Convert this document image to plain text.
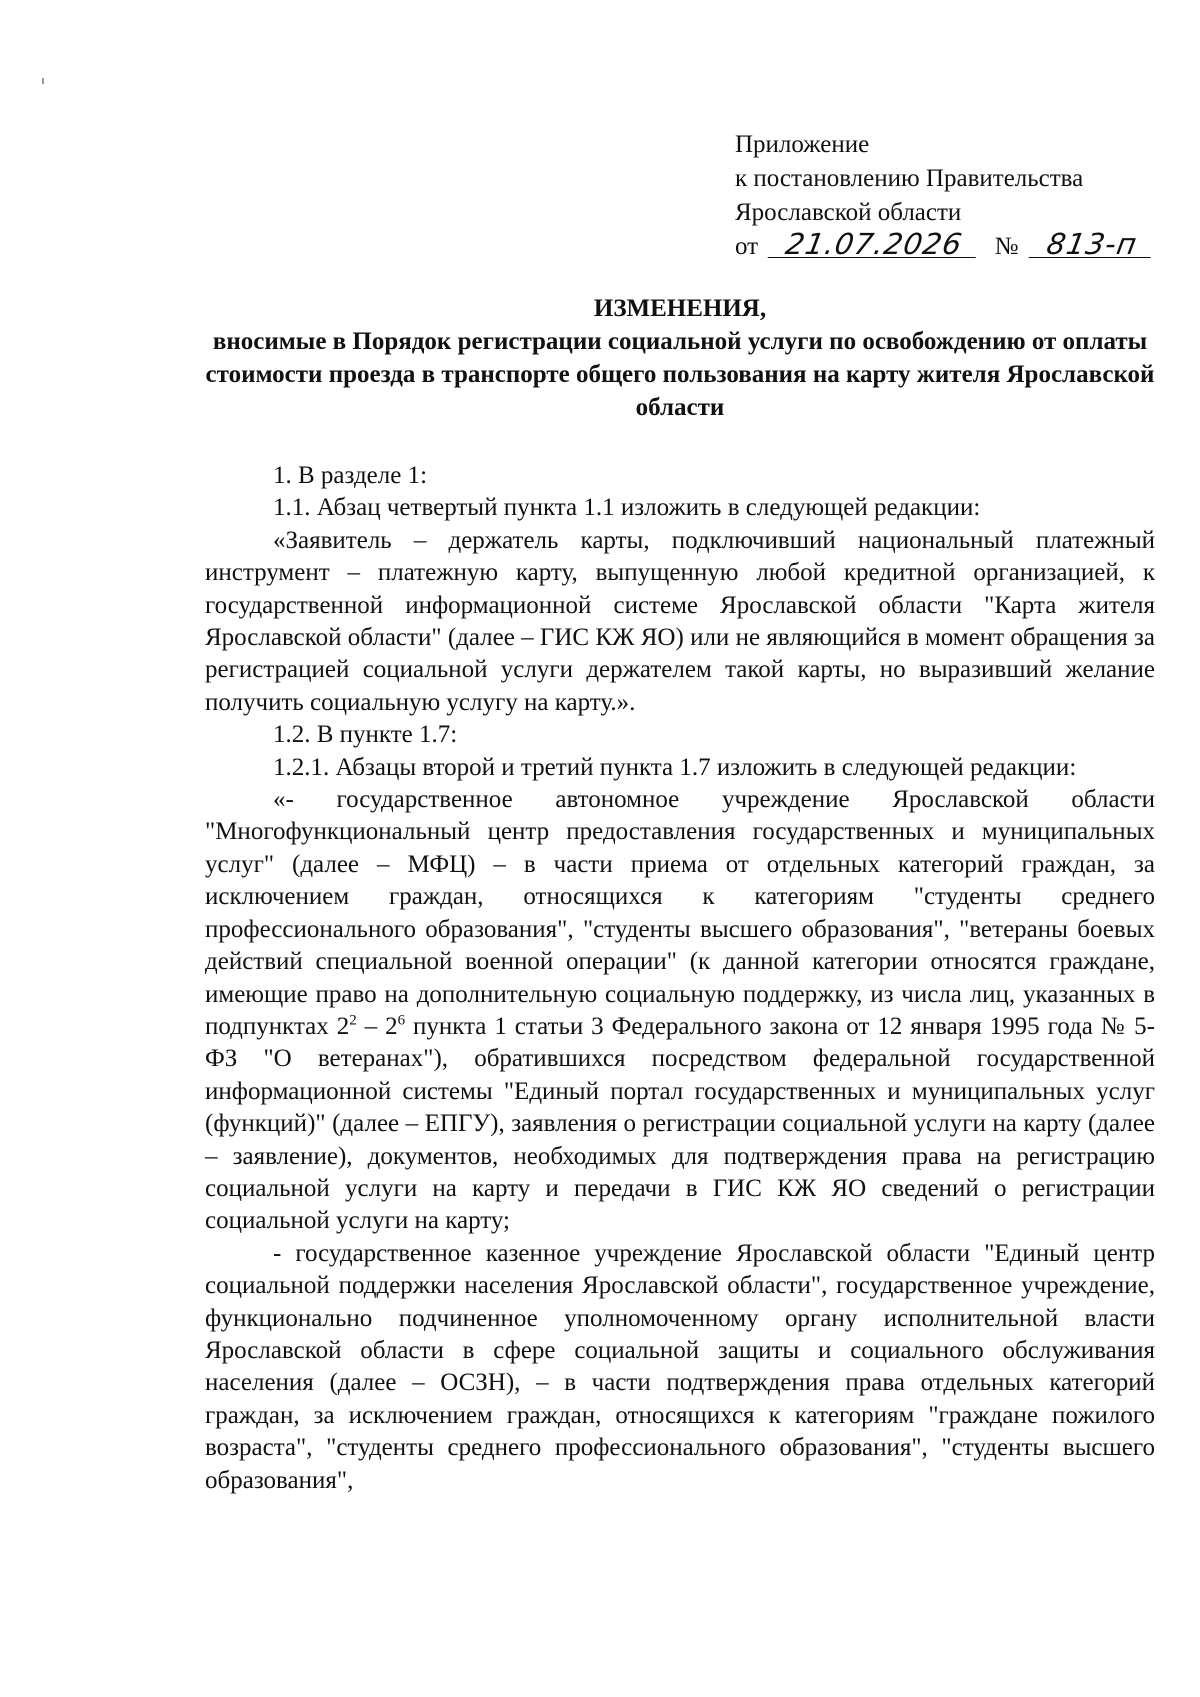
Приложение
к постановлению Правительства
Ярославской области
от 21.07.2026 № 813-п
ИЗМЕНЕНИЯ,
вносимые в Порядок регистрации социальной услуги по освобождению от оплаты стоимости проезда в транспорте общего пользования на карту жителя Ярославской области

1. В разделе 1:

1.1. Абзац четвертый пункта 1.1 изложить в следующей редакции:

«Заявитель – держатель карты, подключивший национальный платежный инструмент – платежную карту, выпущенную любой кредитной организацией, к государственной информационной системе Ярославской области "Карта жителя Ярославской области" (далее – ГИС КЖ ЯО) или не являющийся в момент обращения за регистрацией социальной услуги держателем такой карты, но выразивший желание получить социальную услугу на карту.».

1.2. В пункте 1.7:

1.2.1. Абзацы второй и третий пункта 1.7 изложить в следующей редакции:

«- государственное автономное учреждение Ярославской области "Многофункциональный центр предоставления государственных и муниципальных услуг" (далее – МФЦ) – в части приема от отдельных категорий граждан, за исключением граждан, относящихся к категориям "студенты среднего профессионального образования", "студенты высшего образования", "ветераны боевых действий специальной военной операции" (к данной категории относятся граждане, имеющие право на дополнительную социальную поддержку, из числа лиц, указанных в подпунктах $2^2 - 2^6$ пункта 1 статьи 3 Федерального закона от 12 января 1995 года № 5-ФЗ "О ветеранах"), обратившихся посредством федеральной государственной информационной системы "Единый портал государственных и муниципальных услуг (функций)" (далее – ЕПГУ), заявления о регистрации социальной услуги на карту (далее – заявление), документов, необходимых для подтверждения права на регистрацию социальной услуги на карту и передачи в ГИС КЖ ЯО сведений о регистрации социальной услуги на карту;

- государственное казенное учреждение Ярославской области "Единый центр социальной поддержки населения Ярославской области", государственное учреждение, функционально подчиненное уполномоченному органу исполнительной власти Ярославской области в сфере социальной защиты и социального обслуживания населения (далее – ОСЗН), – в части подтверждения права отдельных категорий граждан, за исключением граждан, относящихся к категориям "граждане пожилого возраста", "студенты среднего профессионального образования", "студенты высшего образования",
